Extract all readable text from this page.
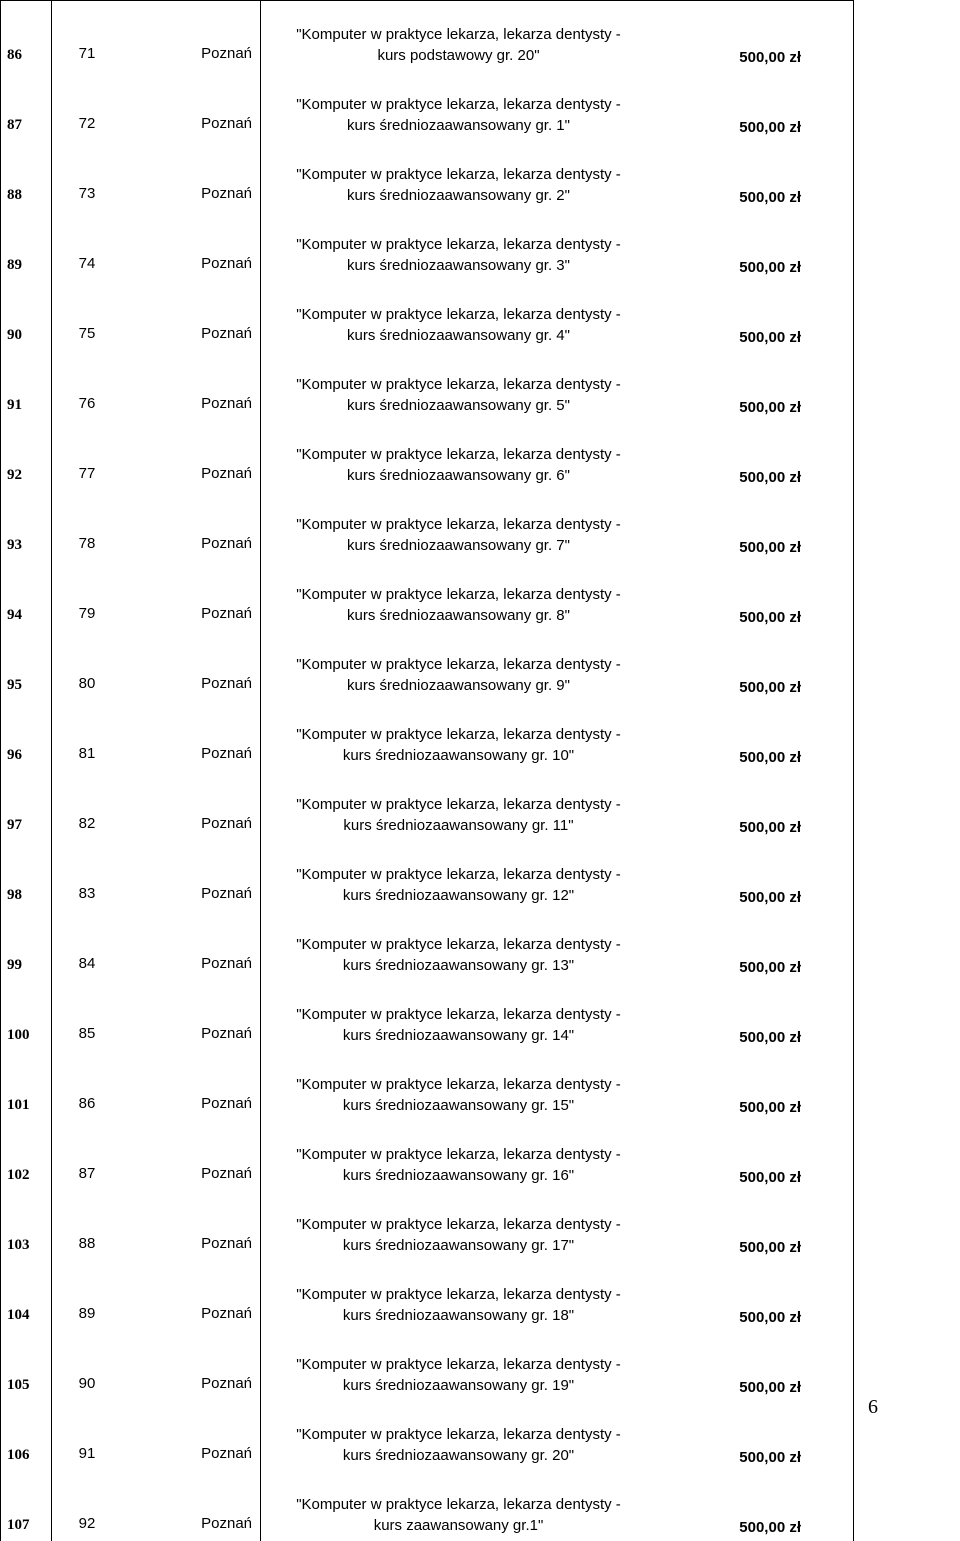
86	71	Poznań	"Komputer w praktyce lekarza, lekarza dentysty -
kurs podstawowy gr. 20"	500,00 zł
87	72	Poznań	"Komputer w praktyce lekarza, lekarza dentysty -
kurs średniozaawansowany gr. 1"	500,00 zł
88	73	Poznań	"Komputer w praktyce lekarza, lekarza dentysty -
kurs średniozaawansowany gr. 2"	500,00 zł
89	74	Poznań	"Komputer w praktyce lekarza, lekarza dentysty -
kurs średniozaawansowany gr. 3"	500,00 zł
90	75	Poznań	"Komputer w praktyce lekarza, lekarza dentysty -
kurs średniozaawansowany gr. 4"	500,00 zł
91	76	Poznań	"Komputer w praktyce lekarza, lekarza dentysty -
kurs średniozaawansowany gr. 5"	500,00 zł
92	77	Poznań	"Komputer w praktyce lekarza, lekarza dentysty -
kurs średniozaawansowany gr. 6"	500,00 zł
93	78	Poznań	"Komputer w praktyce lekarza, lekarza dentysty -
kurs średniozaawansowany gr. 7"	500,00 zł
94	79	Poznań	"Komputer w praktyce lekarza, lekarza dentysty -
kurs średniozaawansowany gr. 8"	500,00 zł
95	80	Poznań	"Komputer w praktyce lekarza, lekarza dentysty -
kurs średniozaawansowany gr. 9"	500,00 zł
96	81	Poznań	"Komputer w praktyce lekarza, lekarza dentysty -
kurs średniozaawansowany gr. 10"	500,00 zł
97	82	Poznań	"Komputer w praktyce lekarza, lekarza dentysty -
kurs średniozaawansowany gr. 11"	500,00 zł
98	83	Poznań	"Komputer w praktyce lekarza, lekarza dentysty -
kurs średniozaawansowany gr. 12"	500,00 zł
99	84	Poznań	"Komputer w praktyce lekarza, lekarza dentysty -
kurs średniozaawansowany gr. 13"	500,00 zł
100	85	Poznań	"Komputer w praktyce lekarza, lekarza dentysty -
kurs średniozaawansowany gr. 14"	500,00 zł
101	86	Poznań	"Komputer w praktyce lekarza, lekarza dentysty -
kurs średniozaawansowany gr. 15"	500,00 zł
102	87	Poznań	"Komputer w praktyce lekarza, lekarza dentysty -
kurs średniozaawansowany gr. 16"	500,00 zł
103	88	Poznań	"Komputer w praktyce lekarza, lekarza dentysty -
kurs średniozaawansowany gr. 17"	500,00 zł
104	89	Poznań	"Komputer w praktyce lekarza, lekarza dentysty -
kurs średniozaawansowany gr. 18"	500,00 zł
105	90	Poznań	"Komputer w praktyce lekarza, lekarza dentysty -
kurs średniozaawansowany gr. 19"	500,00 zł
106	91	Poznań	"Komputer w praktyce lekarza, lekarza dentysty -
kurs średniozaawansowany gr. 20"	500,00 zł
107	92	Poznań	"Komputer w praktyce lekarza, lekarza dentysty -
kurs zaawansowany gr.1"	500,00 zł
6
